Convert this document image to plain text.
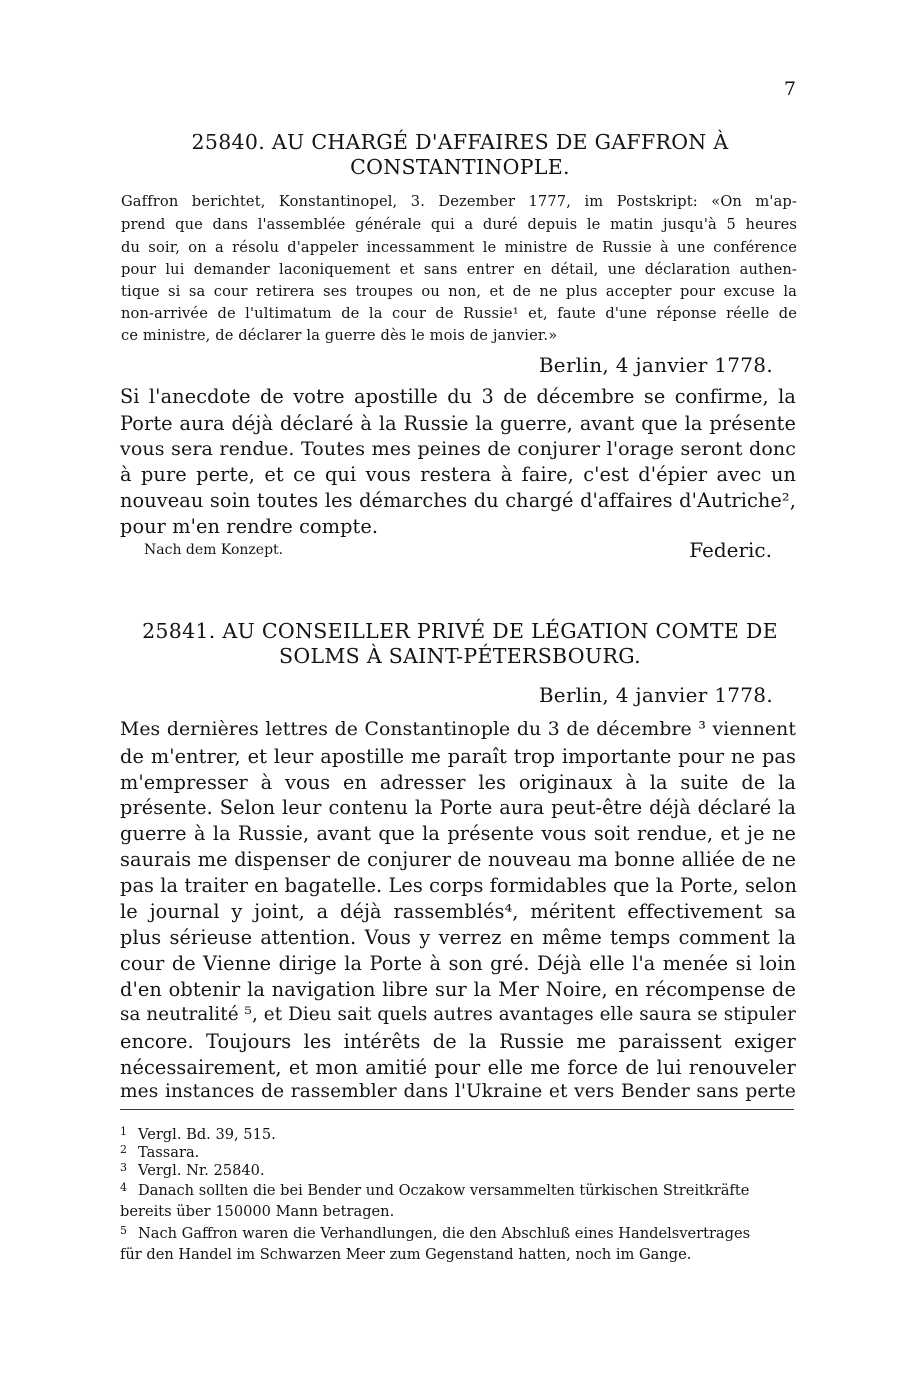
7
25840. AU CHARGÉ D'AFFAIRES DE GAFFRON À
CONSTANTINOPLE.
Gaffron berichtet, Konstantinopel, 3. Dezember 1777, im Postskript: «On m'ap-
prend que dans l'assemblée générale qui a duré depuis le matin jusqu'à 5 heures
du soir, on a résolu d'appeler incessamment le ministre de Russie à une conférence
pour lui demander laconiquement et sans entrer en détail, une déclaration authen-
tique si sa cour retirera ses troupes ou non, et de ne plus accepter pour excuse la
non-arrivée de l'ultimatum de la cour de Russie¹ et, faute d'une réponse réelle de
ce ministre, de déclarer la guerre dès le mois de janvier.»
Berlin, 4 janvier 1778.
Si l'anecdote de votre apostille du 3 de décembre se confirme, la
Porte aura déjà déclaré à la Russie la guerre, avant que la présente
vous sera rendue. Toutes mes peines de conjurer l'orage seront donc
à pure perte, et ce qui vous restera à faire, c'est d'épier avec un
nouveau soin toutes les démarches du chargé d'affaires d'Autriche²,
pour m'en rendre compte.
Nach dem Konzept.	Federic.
25841. AU CONSEILLER PRIVÉ DE LÉGATION COMTE DE
SOLMS À SAINT-PÉTERSBOURG.
Berlin, 4 janvier 1778.
Mes dernières lettres de Constantinople du 3 de décembre ³ viennent
de m'entrer, et leur apostille me paraît trop importante pour ne pas
m'empresser à vous en adresser les originaux à la suite de la
présente. Selon leur contenu la Porte aura peut-être déjà déclaré la
guerre à la Russie, avant que la présente vous soit rendue, et je ne
saurais me dispenser de conjurer de nouveau ma bonne alliée de ne
pas la traiter en bagatelle. Les corps formidables que la Porte, selon
le journal y joint, a déjà rassemblés⁴, méritent effectivement sa
plus sérieuse attention. Vous y verrez en même temps comment la
cour de Vienne dirige la Porte à son gré. Déjà elle l'a menée si loin
d'en obtenir la navigation libre sur la Mer Noire, en récompense de
sa neutralité ⁵, et Dieu sait quels autres avantages elle saura se stipuler
encore. Toujours les intérêts de la Russie me paraissent exiger
nécessairement, et mon amitié pour elle me force de lui renouveler
mes instances de rassembler dans l'Ukraine et vers Bender sans perte
1 Vergl. Bd. 39, 515.
2 Tassara.
3 Vergl. Nr. 25840.
4 Danach sollten die bei Bender und Oczakow versammelten türkischen Streitkräfte
bereits über 150000 Mann betragen.
5 Nach Gaffron waren die Verhandlungen, die den Abschluß eines Handelsvertrages
für den Handel im Schwarzen Meer zum Gegenstand hatten, noch im Gange.
